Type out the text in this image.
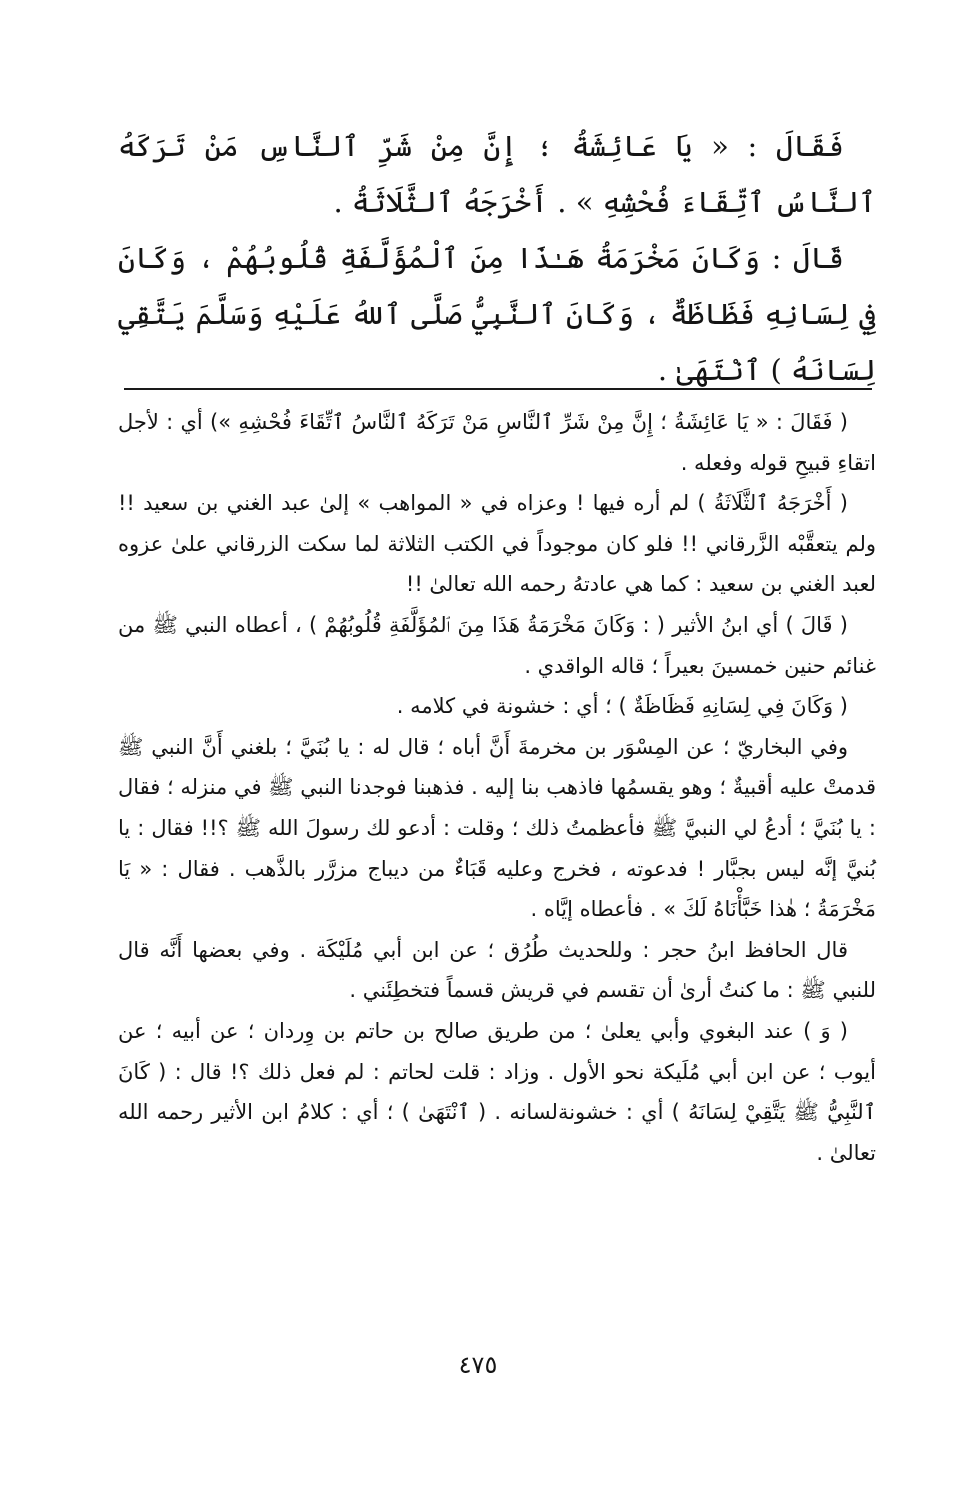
فَقَالَ : « يَا عَائِشَةُ ؛ إِنَّ مِنْ شَرِّ ٱلنَّاسِ مَنْ تَرَكَهُ ٱلنَّاسُ ٱتِّقَاءَ فُحْشِهِ » . أَخْرَجَهُ ٱلثَّلَاثَةُ .

قَالَ : وَكَانَ مَخْرَمَةُ هَـٰذَا مِنَ ٱلْمُؤَلَّفَةِ قُلُوبُهُمْ ، وَكَانَ فِي لِسَانِهِ فَظَاظَةٌ ، وَكَانَ ٱلنَّبِيُّ صَلَّى ٱللهُ عَلَيْهِ وَسَلَّمَ يَتَّقِي لِسَانَهُ ) ٱنْتَهَىٰ .

( فَقَالَ : « يَا عَائِشَةُ ؛ إِنَّ مِنْ شَرِّ ٱلنَّاسِ مَنْ تَرَكَهُ ٱلنَّاسُ ٱتِّقَاءَ فُحْشِهِ ») أي : لأجل اتقاءِ قبيحِ قوله وفعله .

( أَخْرَجَهُ ٱلثَّلَاثَةُ ) لم أره فيها ! وعزاه في « المواهب » إلىٰ عبد الغني بن سعيد !! ولم يتعقَّبْه الزَّرقاني !! فلو كان موجوداً في الكتب الثلاثة لما سكت الزرقاني علىٰ عزوه لعبد الغني بن سعيد : كما هي عادتهُ رحمه الله تعالىٰ !!

( قَالَ ) أي ابنُ الأثير ( : وَكَانَ مَخْرَمَةُ هَذَا مِنَ ٱلمُؤَلَّفَةِ قُلُوبُهُمْ ) ، أعطاه النبي ﷺ من غنائم حنين خمسينَ بعيراً ؛ قاله الواقدي .

( وَكَانَ فِي لِسَانِهِ فَظَاظَةٌ ) ؛ أي : خشونة في كلامه .

وفي البخاريّ ؛ عن المِسْوَر بن مخرمةَ أَنَّ أباه ؛ قال له : يا بُنَيَّ ؛ بلغني أَنَّ النبي ﷺ قدمتْ عليه أقبيةٌ ؛ وهو يقسمُها فاذهب بنا إليه . فذهبنا فوجدنا النبي ﷺ في منزله ؛ فقال : يا بُنَيَّ ؛ أدعُ لي النبيَّ ﷺ فأعظمتُ ذلك ؛ وقلت : أدعو لك رسولَ الله ﷺ ؟!! فقال : يا بُنيَّ إنَّه ليس بجبَّار ! فدعوته ، فخرج وعليه قَبَاءٌ من ديباج مزرَّر بالذَّهب . فقال : « يَا مَخْرَمَةُ ؛ هٰذا خَبَّأْنَاهُ لَكَ » . فأعطاه إيَّاه .

قال الحافظ ابنُ حجر : وللحديث طُرُق ؛ عن ابن أبي مُلَيْكَة . وفي بعضها أَنَّه قال للنبي ﷺ : ما كنتُ أرىٰ أن تقسم في قريش قسماً فتخطِئَني .

( وَ ) عند البغوي وأبي يعلىٰ ؛ من طريق صالح بن حاتم بن وِردان ؛ عن أبيه ؛ عن أيوب ؛ عن ابن أبي مُلَيكة نحو الأول . وزاد : قلت لحاتم : لم فعل ذلك ؟! قال : ( كَانَ ٱلنَّبِيُّ ﷺ يَتَّقِيْ لِسَانَهُ ) أي : خشونةلسانه . ( ٱنْتَهَىٰ ) ؛ أي : كلامُ ابن الأثير رحمه الله تعالىٰ .

٤٧٥
